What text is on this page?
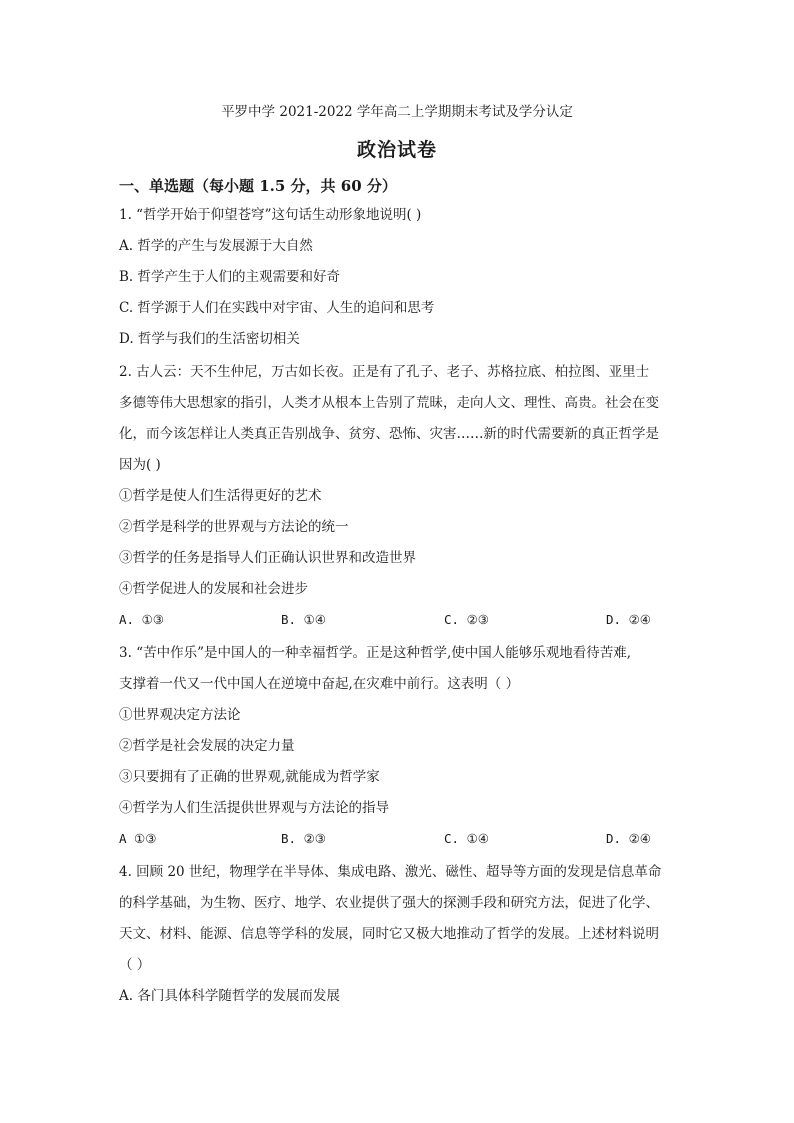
平罗中学 2021-2022 学年高二上学期期末考试及学分认定
政治试卷
一、单选题（每小题 1.5 分，共 60 分）
1. “哲学开始于仰望苍穹”这句话生动形象地说明( )
A. 哲学的产生与发展源于大自然
B. 哲学产生于人们的主观需要和好奇
C. 哲学源于人们在实践中对宇宙、人生的追问和思考
D. 哲学与我们的生活密切相关
2. 古人云：天不生仲尼，万古如长夜。正是有了孔子、老子、苏格拉底、柏拉图、亚里士
多德等伟大思想家的指引，人类才从根本上告别了荒昧，走向人文、理性、高贵。社会在变
化，而今该怎样让人类真正告别战争、贫穷、恐怖、灾害……新的时代需要新的真正哲学是
因为( )
①哲学是使人们生活得更好的艺术
②哲学是科学的世界观与方法论的统一
③哲学的任务是指导人们正确认识世界和改造世界
④哲学促进人的发展和社会进步
A. ①③	B. ①④	C. ②③	D. ②④
3. “苦中作乐”是中国人的一种幸福哲学。正是这种哲学,使中国人能够乐观地看待苦难,
支撑着一代又一代中国人在逆境中奋起,在灾难中前行。这表明（ ）
①世界观决定方法论
②哲学是社会发展的决定力量
③只要拥有了正确的世界观,就能成为哲学家
④哲学为人们生活提供世界观与方法论的指导
A ①③	B. ②③	C. ①④	D. ②④
4. 回顾 20 世纪，物理学在半导体、集成电路、激光、磁性、超导等方面的发现是信息革命
的科学基础，为生物、医疗、地学、农业提供了强大的探测手段和研究方法，促进了化学、
天文、材料、能源、信息等学科的发展，同时它又极大地推动了哲学的发展。上述材料说明
（ ）
A. 各门具体科学随哲学的发展而发展
